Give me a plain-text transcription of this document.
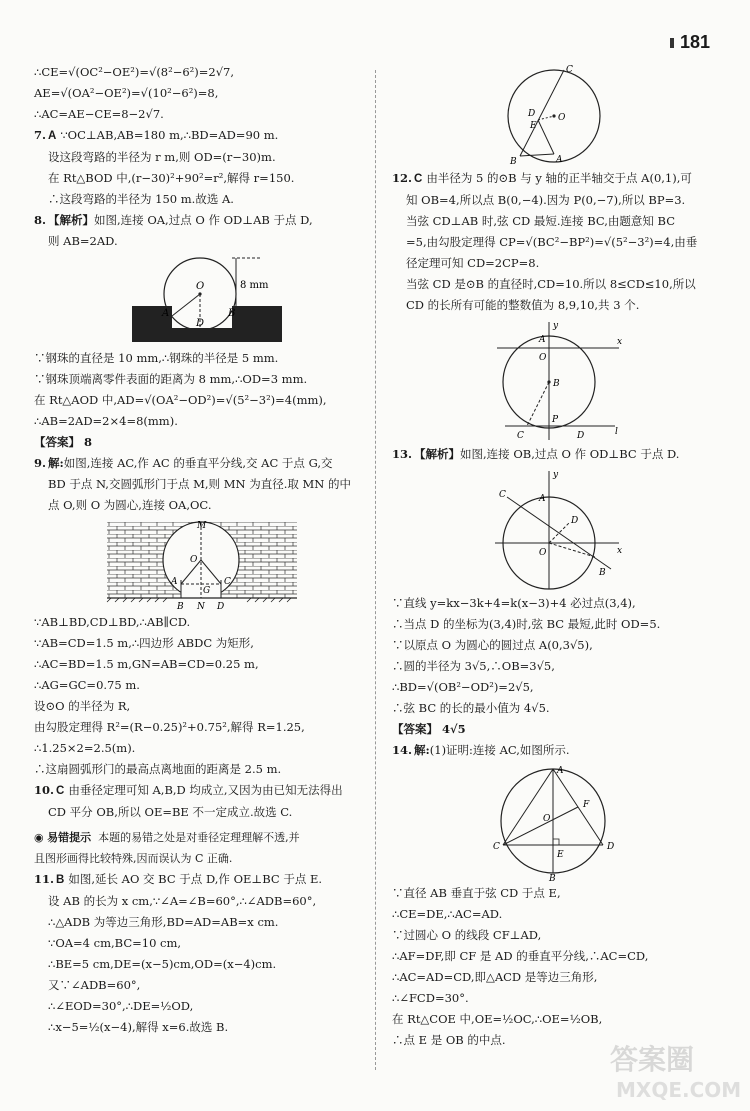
181
∴CE=√(OC²−OE²)=√(8²−6²)=2√7,
AE=√(OA²−OE²)=√(10²−6²)=8,
∴AC=AE−CE=8−2√7.
7. A ∵OC⊥AB,AB=180 m,∴BD=AD=90 m.
设这段弯路的半径为 r m,则 OD=(r−30)m.
在 Rt△BOD 中,(r−30)²+90²=r²,解得 r=150.
∴这段弯路的半径为 150 m.故选 A.
8. 【解析】如图,连接 OA,过点 O 作 OD⊥AB 于点 D,
则 AB=2AD.
O
A	B
D
8 mm
∵钢珠的直径是 10 mm,∴钢珠的半径是 5 mm.
∵钢珠顶端离零件表面的距离为 8 mm,∴OD=3 mm.
在 Rt△AOD 中,AD=√(OA²−OD²)=√(5²−3²)=4(mm),
∴AB=2AD=2×4=8(mm).
【答案】 8
9. 解:如图,连接 AC,作 AC 的垂直平分线,交 AC 于点 G,交
BD 于点 N,交圆弧形门于点 M,则 MN 为直径.取 MN 的中
点 O,则 O 为圆心,连接 OA,OC.
M
O
A	C
G
B N D
∵AB⊥BD,CD⊥BD,∴AB∥CD.
∵AB=CD=1.5 m,∴四边形 ABDC 为矩形,
∴AC=BD=1.5 m,GN=AB=CD=0.25 m,
∴AG=GC=0.75 m.
设⊙O 的半径为 R,
由勾股定理得 R²=(R−0.25)²+0.75²,解得 R=1.25,
∴1.25×2=2.5(m).
∴这扇圆弧形门的最高点离地面的距离是 2.5 m.
10. C 由垂径定理可知 A,B,D 均成立,又因为由已知无法得出
CD 平分 OB,所以 OE=BE 不一定成立.故选 C.
◉ 易错提示 本题的易错之处是对垂径定理理解不透,并
且图形画得比较特殊,因而误认为 C 正确.
11. B 如图,延长 AO 交 BC 于点 D,作 OE⊥BC 于点 E.
设 AB 的长为 x cm,∵∠A=∠B=60°,∴∠ADB=60°,
∴△ADB 为等边三角形,BD=AD=AB=x cm.
∵OA=4 cm,BC=10 cm,
∴BE=5 cm,DE=(x−5)cm,OD=(x−4)cm.
又∵∠ADB=60°,
∴∠EOD=30°,∴DE=½OD,
∴x−5=½(x−4),解得 x=6.故选 B.
C
D
E
O
B	A
12. C 由半径为 5 的⊙B 与 y 轴的正半轴交于点 A(0,1),可
知 OB=4,所以点 B(0,−4).因为 P(0,−7),所以 BP=3.
当弦 CD⊥AB 时,弦 CD 最短.连接 BC,由题意知 BC
=5,由勾股定理得 CP=√(BC²−BP²)=√(5²−3²)=4,由垂
径定理可知 CD=2CP=8.
当弦 CD 是⊙B 的直径时,CD=10.所以 8≤CD≤10,所以
CD 的长所有可能的整数值为 8,9,10,共 3 个.
y
x
A
O
B
C
P
D	l
13. 【解析】如图,连接 OB,过点 O 作 OD⊥BC 于点 D.
y
x
A
C
D
O
B
∵直线 y=kx−3k+4=k(x−3)+4 必过点(3,4),
∴当点 D 的坐标为(3,4)时,弦 BC 最短,此时 OD=5.
∵以原点 O 为圆心的圆过点 A(0,3√5),
∴圆的半径为 3√5,∴OB=3√5,
∴BD=√(OB²−OD²)=2√5,
∴弦 BC 的长的最小值为 4√5.
【答案】 4√5
14. 解:(1)证明:连接 AC,如图所示.
A
F
O
C
E
D
B
∵直径 AB 垂直于弦 CD 于点 E,
∴CE=DE,∴AC=AD.
∵过圆心 O 的线段 CF⊥AD,
∴AF=DF,即 CF 是 AD 的垂直平分线,∴AC=CD,
∴AC=AD=CD,即△ACD 是等边三角形,
∴∠FCD=30°.
在 Rt△COE 中,OE=½OC,∴OE=½OB,
∴点 E 是 OB 的中点.
答案圈
MXQE.COM
